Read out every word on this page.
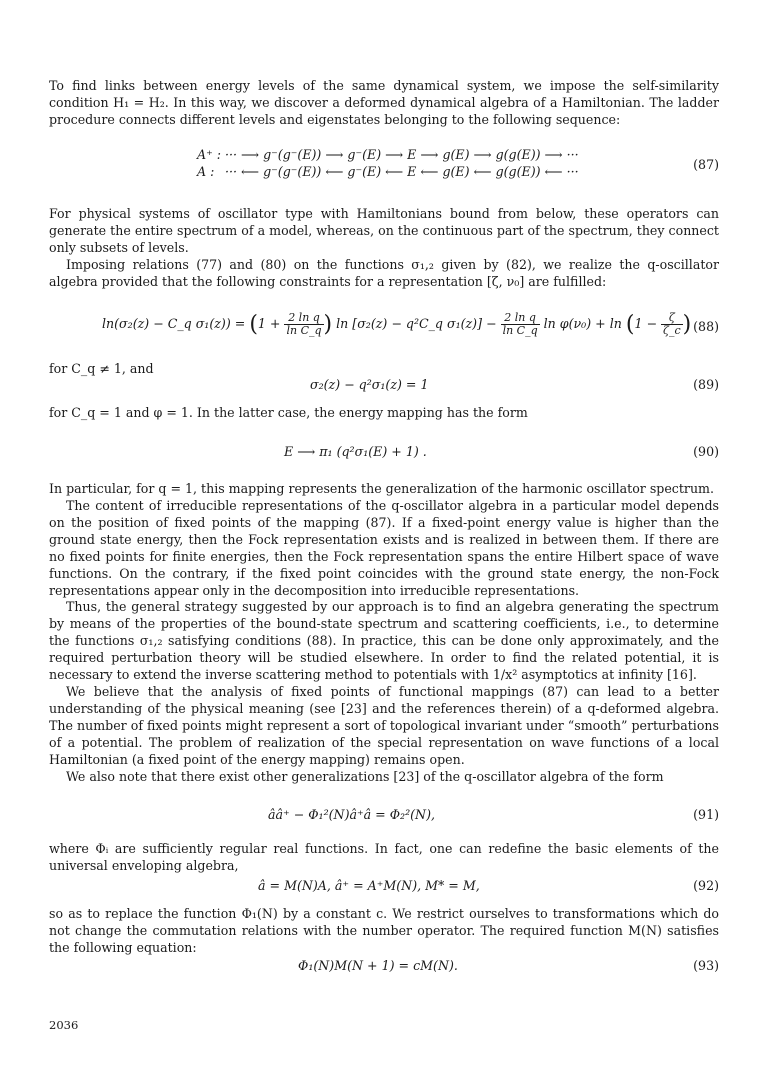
To find links between energy levels of the same dynamical system, we impose the self-similarity condition H₁ = H₂. In this way, we discover a deformed dynamical algebra of a Hamiltonian. The ladder procedure connects different levels and eigenstates belonging to the following sequence:

A⁺ :	··· ⟶ g⁻(g⁻(E)) ⟶ g⁻(E) ⟶ E ⟶ g(E) ⟶ g(g(E)) ⟶ ···
A :	··· ⟵ g⁻(g⁻(E)) ⟵ g⁻(E) ⟵ E ⟵ g(E) ⟵ g(g(E)) ⟵ ···	(87)

For physical systems of oscillator type with Hamiltonians bound from below, these operators can generate the entire spectrum of a model, whereas, on the continuous part of the spectrum, they connect only subsets of levels.

Imposing relations (77) and (80) on the functions σ₁,₂ given by (82), we realize the q-oscillator algebra provided that the following constraints for a representation [ζ, ν₀] are fulfilled:

ln(σ₂(z) − C_q $\sigma_1(z)) = (1 + \frac{\text{2 ln q}}{\text{ln C\_q}}$ ) ln [σ₂(z) − q²C_q $\sigma_1(z)] - \frac{\text{2 ln q}}{\text{ln C\_q}}$ $\ln \varphi(\nu_0) + \ln (1 - \frac{\zeta}{\zeta\_c}$ ) (88)

for C_q ≠ 1, and

σ₂(z) − q²σ₁(z) = 1	(89)

for C_q = 1 and φ = 1. In the latter case, the energy mapping has the form

E ⟶ π₁ (q²σ₁(E) + 1) .	(90)

In particular, for q = 1, this mapping represents the generalization of the harmonic oscillator spectrum.

The content of irreducible representations of the q-oscillator algebra in a particular model depends on the position of fixed points of the mapping (87). If a fixed-point energy value is higher than the ground state energy, then the Fock representation exists and is realized in between them. If there are no fixed points for finite energies, then the Fock representation spans the entire Hilbert space of wave functions. On the contrary, if the fixed point coincides with the ground state energy, the non-Fock representations appear only in the decomposition into irreducible representations.

Thus, the general strategy suggested by our approach is to find an algebra generating the spectrum by means of the properties of the bound-state spectrum and scattering coefficients, i.e., to determine the functions σ₁,₂ satisfying conditions (88). In practice, this can be done only approximately, and the required perturbation theory will be studied elsewhere. In order to find the related potential, it is necessary to extend the inverse scattering method to potentials with 1/x² asymptotics at infinity [16].

We believe that the analysis of fixed points of functional mappings (87) can lead to a better understanding of the physical meaning (see [23] and the references therein) of a q-deformed algebra. The number of fixed points might represent a sort of topological invariant under “smooth” perturbations of a potential. The problem of realization of the special representation on wave functions of a local Hamiltonian (a fixed point of the energy mapping) remains open.

We also note that there exist other generalizations [23] of the q-oscillator algebra of the form

ââ⁺ − Φ₁²(N)â⁺â = Φ₂²(N),	(91)

where Φᵢ are sufficiently regular real functions. In fact, one can redefine the basic elements of the universal enveloping algebra,

â = M(N)A, â⁺ = A⁺M(N), M* = M,	(92)

so as to replace the function Φ₁(N) by a constant c. We restrict ourselves to transformations which do not change the commutation relations with the number operator. The required function M(N) satisfies the following equation:

Φ₁(N)M(N + 1) = cM(N).	(93)
2036
